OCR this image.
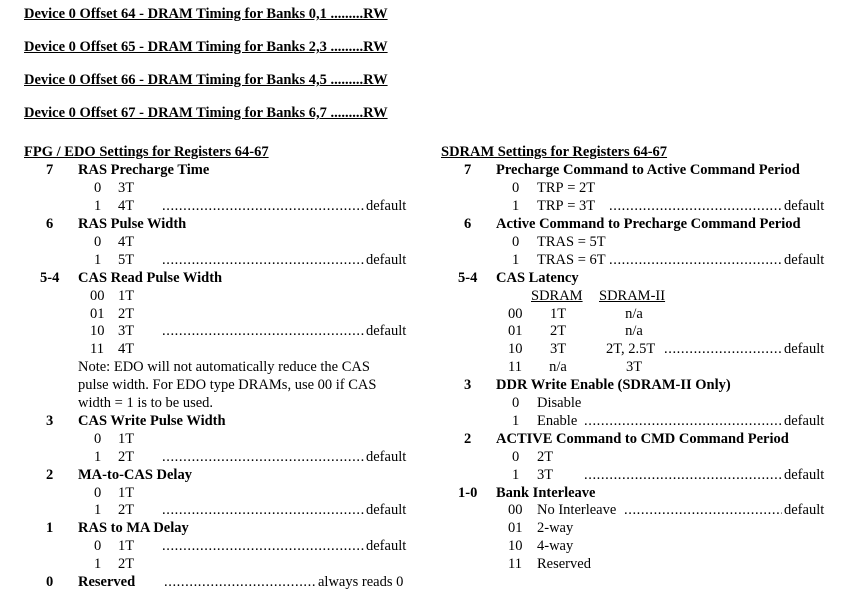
Device 0 Offset 64 - DRAM Timing for Banks 0,1 .........RW
Device 0 Offset 65 - DRAM Timing for Banks 2,3 .........RW
Device 0 Offset 66 - DRAM Timing for Banks 4,5 .........RW
Device 0 Offset 67 - DRAM Timing for Banks 6,7 .........RW
FPG / EDO Settings for Registers 64-67
7 RAS Precharge Time
0 3T
1 4T .....	default
6 RAS Pulse Width
0 4T
1 5T .....	default
5-4 CAS Read Pulse Width
00 1T
01 2T
10 3T .....	default
11 4T
Note: EDO will not automatically reduce the CAS
pulse width. For EDO type DRAMs, use 00 if CAS
width = 1 is to be used.
3 CAS Write Pulse Width
0 1T
1 2T .....	default
2 MA-to-CAS Delay
0 1T
1 2T .....	default
1 RAS to MA Delay
0 1T .....	default
1 2T
0 Reserved .....	always reads 0
SDRAM Settings for Registers 64-67
7 Precharge Command to Active Command Period
0 TRP = 2T
1 TRP = 3T .....	default
6 Active Command to Precharge Command Period
0 TRAS = 5T
1 TRAS = 6T .....	default
5-4 CAS Latency
SDRAM SDRAM-II
00	1T	n/a
01	2T	n/a
10	3T	2T, 2.5T .....	default
11	n/a	3T
3 DDR Write Enable (SDRAM-II Only)
0 Disable
1 Enable .....	default
2 ACTIVE Command to CMD Command Period
0 2T
1 3T .....	default
1-0 Bank Interleave
00 No Interleave .....	default
01 2-way
10 4-way
11 Reserved
